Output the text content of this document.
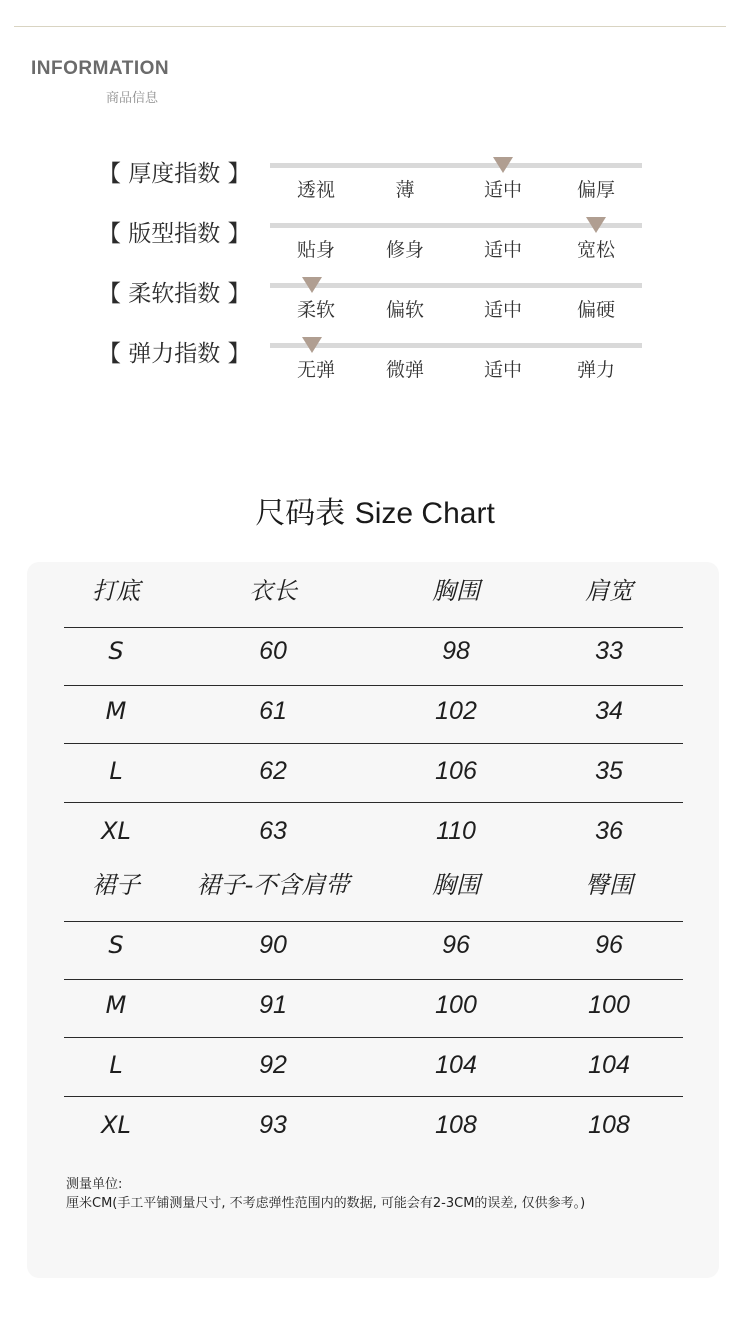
INFORMATION
商品信息
【 厚度指数 】
透视	薄	适中	偏厚
【 版型指数 】
贴身	修身	适中	宽松
【 柔软指数 】
柔软	偏软	适中	偏硬
【 弹力指数 】
无弹	微弹	适中	弹力
尺码表 Size Chart
打底	衣长	胸围	肩宽
S	60	98	33
M	61	102	34
L	62	106	35
XL	63	110	36
裙子	裙子-不含肩带	胸围	臀围
S	90	96	96
M	91	100	100
L	92	104	104
XL	93	108	108
测量单位:
厘米CM(手工平铺测量尺寸, 不考虑弹性范围内的数据, 可能会有2-3CM的误差, 仅供参考。)
